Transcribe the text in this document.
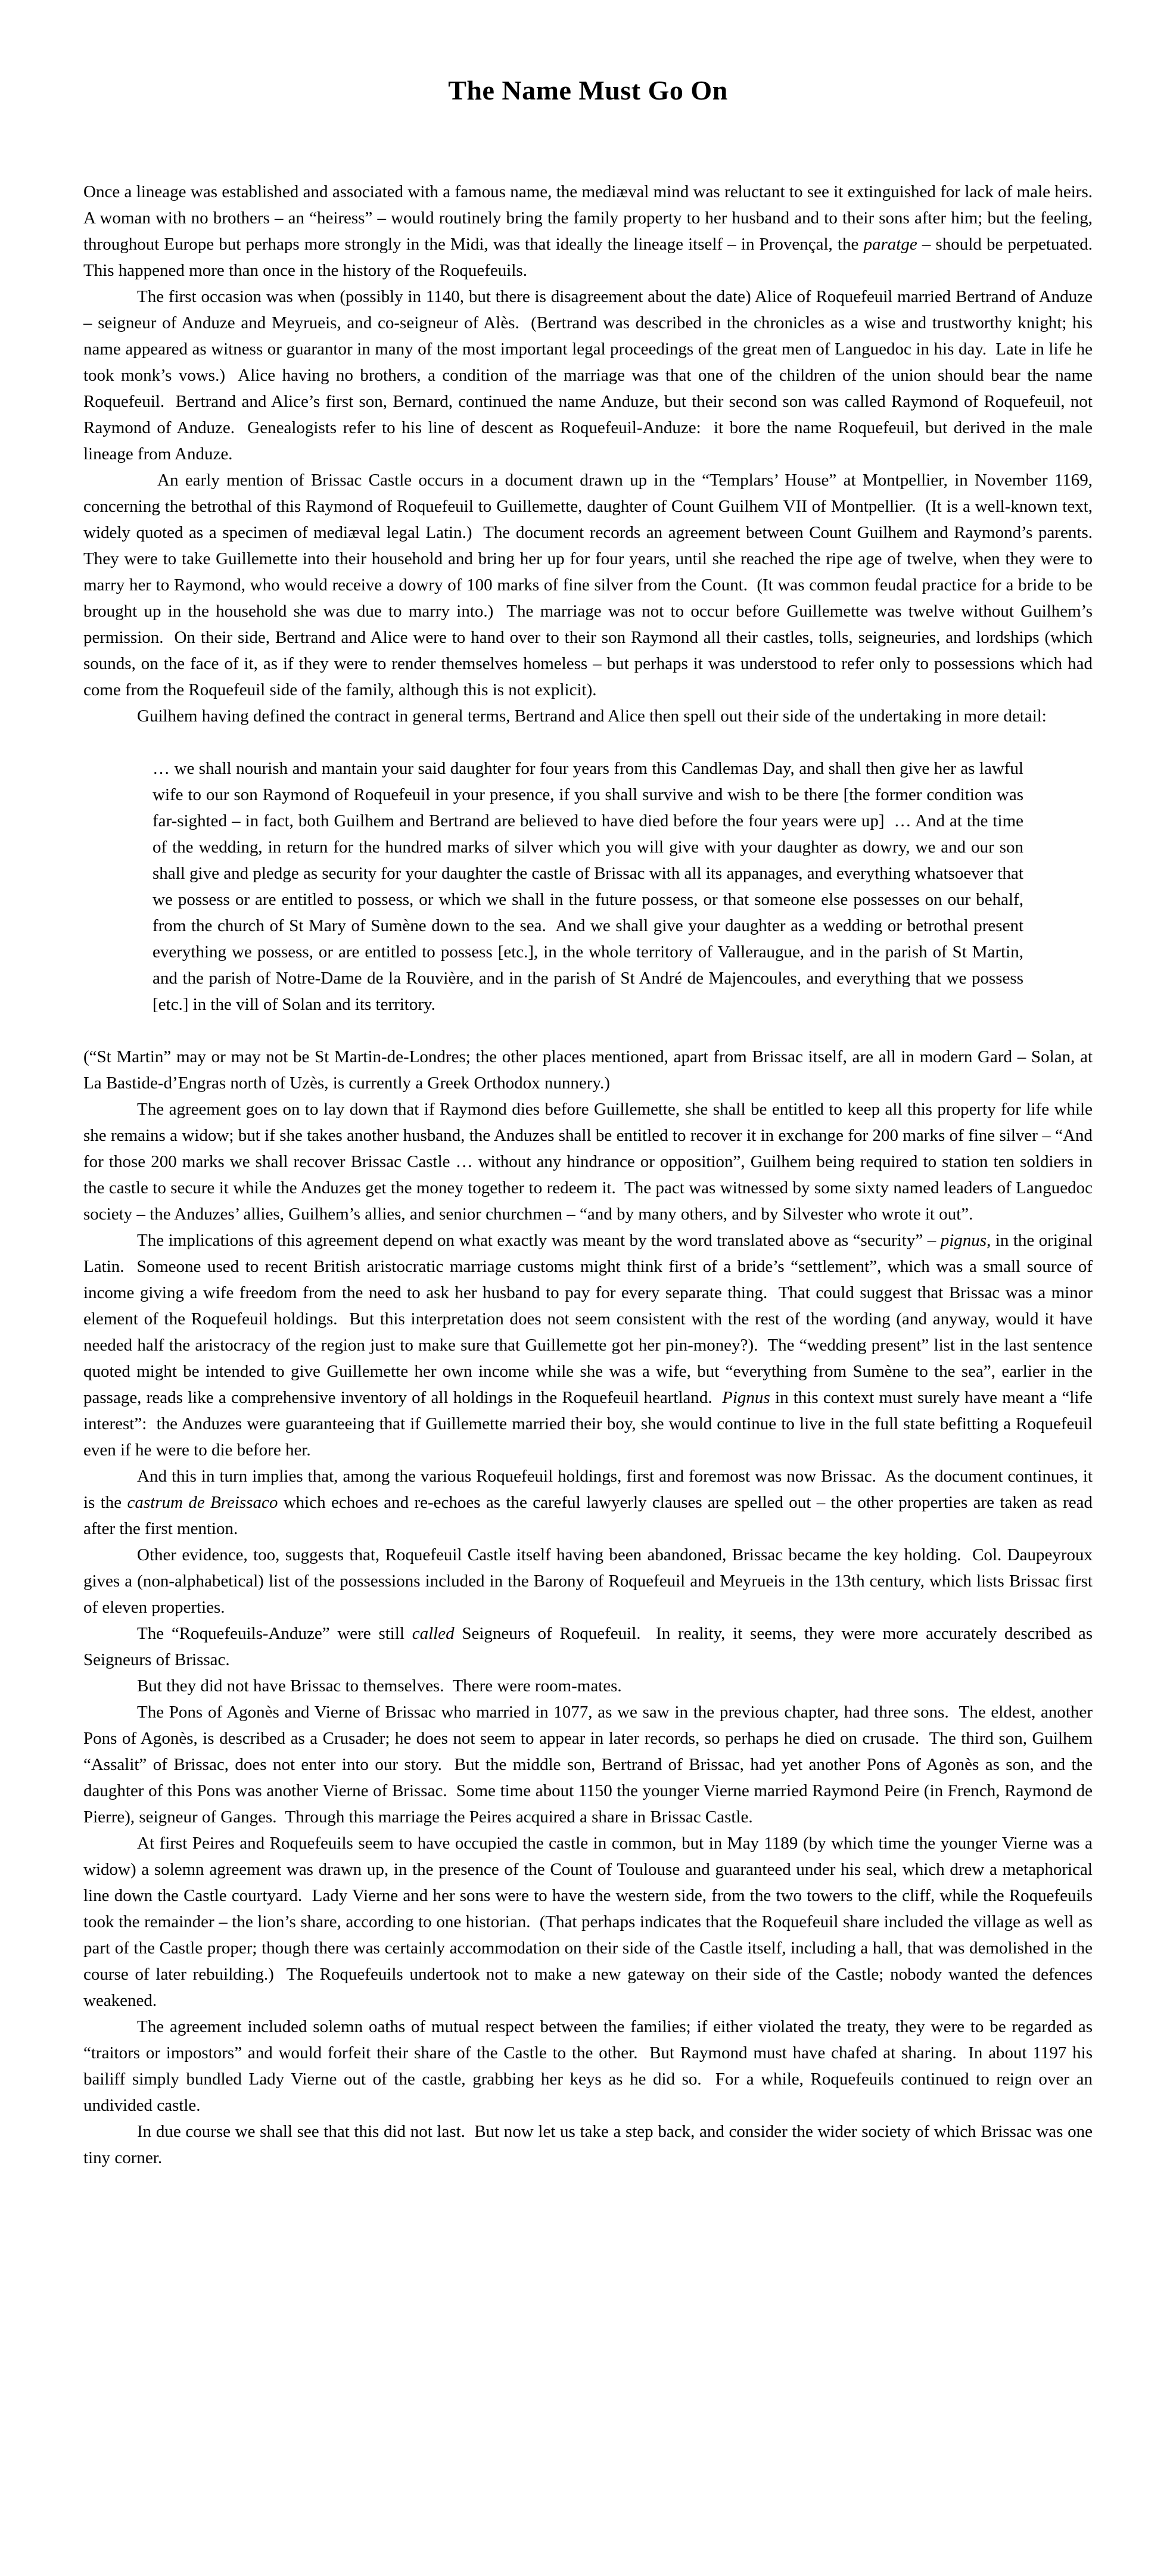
The Name Must Go On

Once a lineage was established and associated with a famous name, the mediæval mind was reluctant to see it extinguished for lack of male heirs.  A woman with no brothers – an “heiress” – would routinely bring the family property to her husband and to their sons after him; but the feeling, throughout Europe but perhaps more strongly in the Midi, was that ideally the lineage itself – in Provençal, the paratge – should be perpetuated.  This happened more than once in the history of the Roquefeuils.

The first occasion was when (possibly in 1140, but there is disagreement about the date) Alice of Roquefeuil married Bertrand of Anduze – seigneur of Anduze and Meyrueis, and co-seigneur of Alès.  (Bertrand was described in the chronicles as a wise and trustworthy knight; his name appeared as witness or guarantor in many of the most important legal proceedings of the great men of Languedoc in his day.  Late in life he took monk’s vows.)  Alice having no brothers, a condition of the marriage was that one of the children of the union should bear the name Roquefeuil.  Bertrand and Alice’s first son, Bernard, continued the name Anduze, but their second son was called Raymond of Roquefeuil, not Raymond of Anduze.  Genealogists refer to his line of descent as Roquefeuil-Anduze:  it bore the name Roquefeuil, but derived in the male lineage from Anduze.

An early mention of Brissac Castle occurs in a document drawn up in the “Templars’ House” at Montpellier, in November 1169, concerning the betrothal of this Raymond of Roquefeuil to Guillemette, daughter of Count Guilhem VII of Montpellier.  (It is a well-known text, widely quoted as a specimen of mediæval legal Latin.)  The document records an agreement between Count Guilhem and Raymond’s parents.  They were to take Guillemette into their household and bring her up for four years, until she reached the ripe age of twelve, when they were to marry her to Raymond, who would receive a dowry of 100 marks of fine silver from the Count.  (It was common feudal practice for a bride to be brought up in the household she was due to marry into.)  The marriage was not to occur before Guillemette was twelve without Guilhem’s permission.  On their side, Bertrand and Alice were to hand over to their son Raymond all their castles, tolls, seigneuries, and lordships (which sounds, on the face of it, as if they were to render themselves homeless – but perhaps it was understood to refer only to possessions which had come from the Roquefeuil side of the family, although this is not explicit).

Guilhem having defined the contract in general terms, Bertrand and Alice then spell out their side of the undertaking in more detail:

… we shall nourish and mantain your said daughter for four years from this Candlemas Day, and shall then give her as lawful wife to our son Raymond of Roquefeuil in your presence, if you shall survive and wish to be there [the former condition was far-sighted – in fact, both Guilhem and Bertrand are believed to have died before the four years were up]  … And at the time of the wedding, in return for the hundred marks of silver which you will give with your daughter as dowry, we and our son shall give and pledge as security for your daughter the castle of Brissac with all its appanages, and everything whatsoever that we possess or are entitled to possess, or which we shall in the future possess, or that someone else possesses on our behalf, from the church of St Mary of Sumène down to the sea.  And we shall give your daughter as a wedding or betrothal present everything we possess, or are entitled to possess [etc.], in the whole territory of Valleraugue, and in the parish of St Martin, and the parish of Notre-Dame de la Rouvière, and in the parish of St André de Majencoules, and everything that we possess [etc.] in the vill of Solan and its territory.

(“St Martin” may or may not be St Martin-de-Londres; the other places mentioned, apart from Brissac itself, are all in modern Gard – Solan, at La Bastide-d’Engras north of Uzès, is currently a Greek Orthodox nunnery.)

The agreement goes on to lay down that if Raymond dies before Guillemette, she shall be entitled to keep all this property for life while she remains a widow; but if she takes another husband, the Anduzes shall be entitled to recover it in exchange for 200 marks of fine silver – “And for those 200 marks we shall recover Brissac Castle … without any hindrance or opposition”, Guilhem being required to station ten soldiers in the castle to secure it while the Anduzes get the money together to redeem it.  The pact was witnessed by some sixty named leaders of Languedoc society – the Anduzes’ allies, Guilhem’s allies, and senior churchmen – “and by many others, and by Silvester who wrote it out”.

The implications of this agreement depend on what exactly was meant by the word translated above as “security” – pignus, in the original Latin.  Someone used to recent British aristocratic marriage customs might think first of a bride’s “settlement”, which was a small source of income giving a wife freedom from the need to ask her husband to pay for every separate thing.  That could suggest that Brissac was a minor element of the Roquefeuil holdings.  But this interpretation does not seem consistent with the rest of the wording (and anyway, would it have needed half the aristocracy of the region just to make sure that Guillemette got her pin-money?).  The “wedding present” list in the last sentence quoted might be intended to give Guillemette her own income while she was a wife, but “everything from Sumène to the sea”, earlier in the passage, reads like a comprehensive inventory of all holdings in the Roquefeuil heartland.  Pignus in this context must surely have meant a “life interest”:  the Anduzes were guaranteeing that if Guillemette married their boy, she would continue to live in the full state befitting a Roquefeuil even if he were to die before her.

And this in turn implies that, among the various Roquefeuil holdings, first and foremost was now Brissac.  As the document continues, it is the castrum de Breissaco which echoes and re-echoes as the careful lawyerly clauses are spelled out – the other properties are taken as read after the first mention.

Other evidence, too, suggests that, Roquefeuil Castle itself having been abandoned, Brissac became the key holding.  Col. Daupeyroux gives a (non-alphabetical) list of the possessions included in the Barony of Roquefeuil and Meyrueis in the 13th century, which lists Brissac first of eleven properties.

The “Roquefeuils-Anduze” were still called Seigneurs of Roquefeuil.  In reality, it seems, they were more accurately described as Seigneurs of Brissac.

But they did not have Brissac to themselves.  There were room-mates.

The Pons of Agonès and Vierne of Brissac who married in 1077, as we saw in the previous chapter, had three sons.  The eldest, another Pons of Agonès, is described as a Crusader; he does not seem to appear in later records, so perhaps he died on crusade.  The third son, Guilhem “Assalit” of Brissac, does not enter into our story.  But the middle son, Bertrand of Brissac, had yet another Pons of Agonès as son, and the daughter of this Pons was another Vierne of Brissac.  Some time about 1150 the younger Vierne married Raymond Peire (in French, Raymond de Pierre), seigneur of Ganges.  Through this marriage the Peires acquired a share in Brissac Castle.

At first Peires and Roquefeuils seem to have occupied the castle in common, but in May 1189 (by which time the younger Vierne was a widow) a solemn agreement was drawn up, in the presence of the Count of Toulouse and guaranteed under his seal, which drew a metaphorical line down the Castle courtyard.  Lady Vierne and her sons were to have the western side, from the two towers to the cliff, while the Roquefeuils took the remainder – the lion’s share, according to one historian.  (That perhaps indicates that the Roquefeuil share included the village as well as part of the Castle proper; though there was certainly accommodation on their side of the Castle itself, including a hall, that was demolished in the course of later rebuilding.)  The Roquefeuils undertook not to make a new gateway on their side of the Castle; nobody wanted the defences weakened.

The agreement included solemn oaths of mutual respect between the families; if either violated the treaty, they were to be regarded as “traitors or impostors” and would forfeit their share of the Castle to the other.  But Raymond must have chafed at sharing.  In about 1197 his bailiff simply bundled Lady Vierne out of the castle, grabbing her keys as he did so.  For a while, Roquefeuils continued to reign over an undivided castle.

In due course we shall see that this did not last.  But now let us take a step back, and consider the wider society of which Brissac was one tiny corner.
